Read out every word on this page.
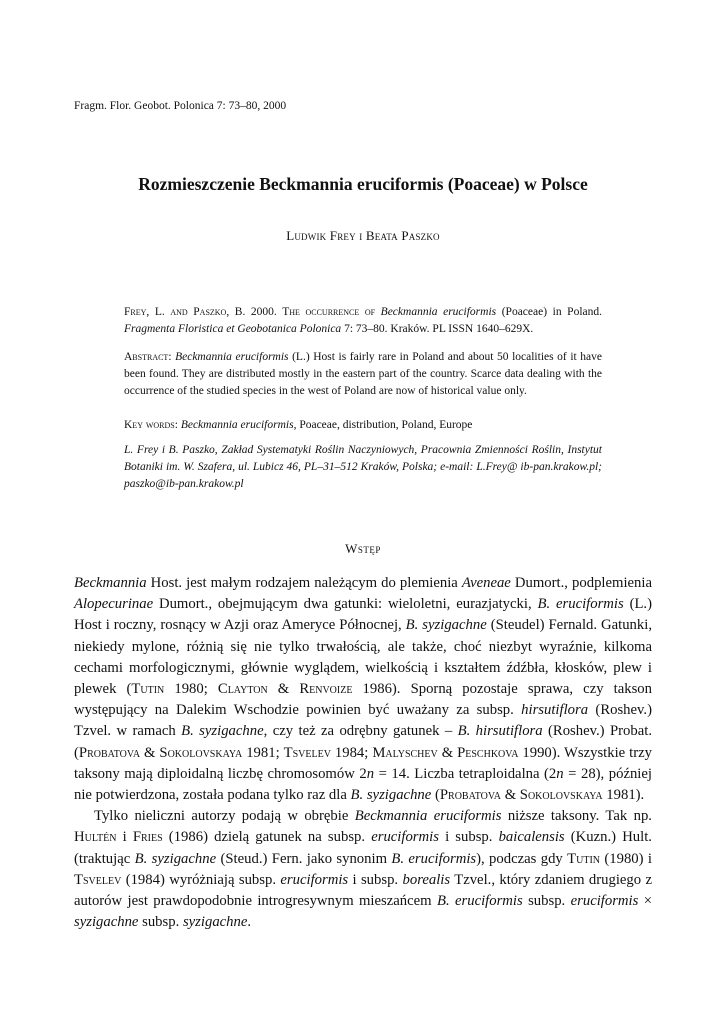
Fragm. Flor. Geobot. Polonica 7: 73–80, 2000
Rozmieszczenie Beckmannia eruciformis (Poaceae) w Polsce
Ludwik Frey i Beata Paszko
Frey, L. and Paszko, B. 2000. The occurrence of Beckmannia eruciformis (Poaceae) in Poland. Fragmenta Floristica et Geobotanica Polonica 7: 73–80. Kraków. PL ISSN 1640–629X.
Abstract: Beckmannia eruciformis (L.) Host is fairly rare in Poland and about 50 localities of it have been found. They are distributed mostly in the eastern part of the country. Scarce data dealing with the occurrence of the studied species in the west of Poland are now of historical value only.
Key words: Beckmannia eruciformis, Poaceae, distribution, Poland, Europe
L. Frey i B. Paszko, Zakład Systematyki Roślin Naczyniowych, Pracownia Zmienności Roślin, Instytut Botaniki im. W. Szafera, ul. Lubicz 46, PL–31–512 Kraków, Polska; e-mail: L.Frey@ ib-pan.krakow.pl; paszko@ib-pan.krakow.pl
Wstęp

Beckmannia Host. jest małym rodzajem należącym do plemienia Aveneae Dumort., podplemienia Alopecurinae Dumort., obejmującym dwa gatunki: wieloletni, eurazjatycki, B. eruciformis (L.) Host i roczny, rosnący w Azji oraz Ameryce Północnej, B. syzigachne (Steudel) Fernald. Gatunki, niekiedy mylone, różnią się nie tylko trwałością, ale także, choć niezbyt wyraźnie, kilkoma cechami morfologicznymi, głównie wyglądem, wielkością i kształtem źdźbła, kłosków, plew i plewek (Tutin 1980; Clayton & Renvoize 1986). Sporną pozostaje sprawa, czy takson występujący na Dalekim Wschodzie powinien być uważany za subsp. hirsutiflora (Roshev.) Tzvel. w ramach B. syzigachne, czy też za odrębny gatunek – B. hirsutiflora (Roshev.) Probat. (Probatova & Sokolovskaya 1981; Tsvelev 1984; Malyschev & Peschkova 1990). Wszystkie trzy taksony mają diploidalną liczbę chromosomów 2n = 14. Liczba tetraploidalna (2n = 28), później nie potwierdzona, została podana tylko raz dla B. syzigachne (Probatova & Sokolovskaya 1981).

Tylko nieliczni autorzy podają w obrębie Beckmannia eruciformis niższe taksony. Tak np. Hultén i Fries (1986) dzielą gatunek na subsp. eruciformis i subsp. baicalensis (Kuzn.) Hult. (traktując B. syzigachne (Steud.) Fern. jako synonim B. eruciformis), podczas gdy Tutin (1980) i Tsvelev (1984) wyróżniają subsp. eruciformis i subsp. borealis Tzvel., który zdaniem drugiego z autorów jest prawdopodobnie introgresywnym mieszańcem B. eruciformis subsp. eruciformis × syzigachne subsp. syzigachne.
